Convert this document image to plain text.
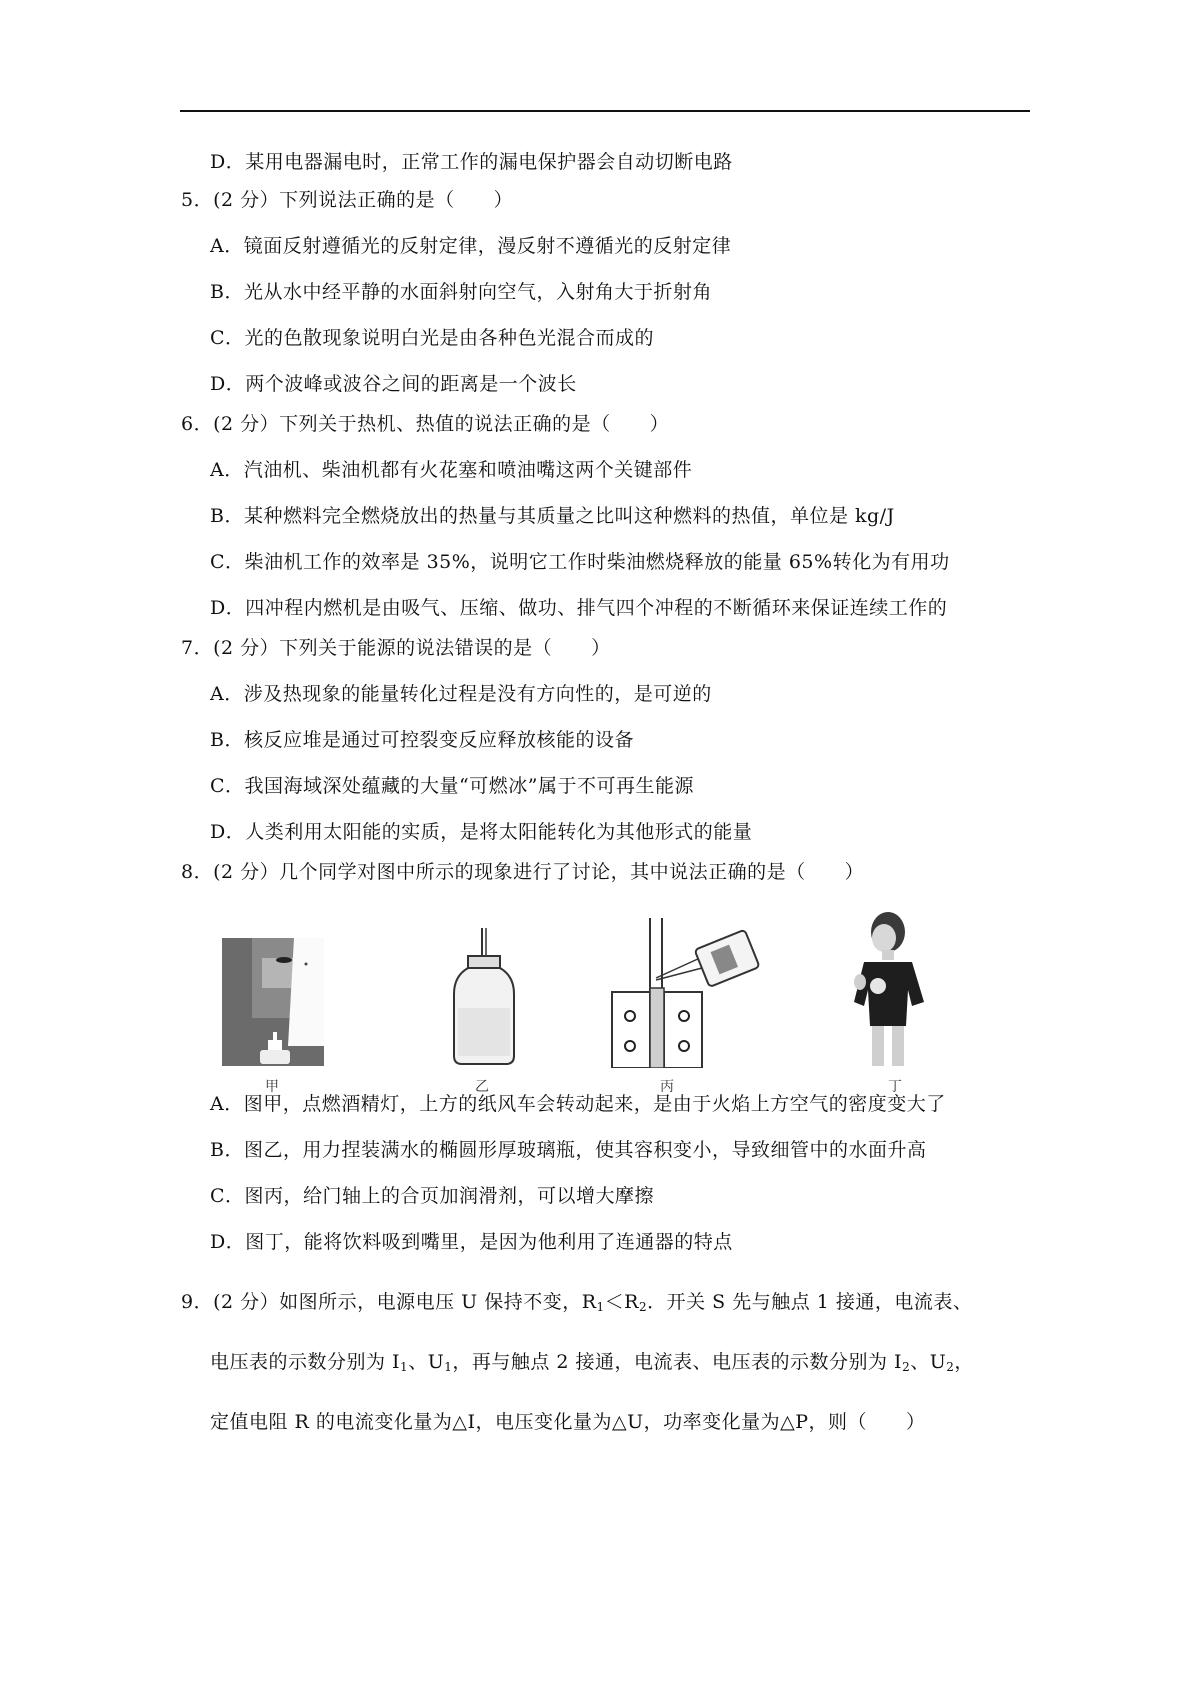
D．某用电器漏电时，正常工作的漏电保护器会自动切断电路
5．(2 分）下列说法正确的是（　　）
A．镜面反射遵循光的反射定律，漫反射不遵循光的反射定律
B．光从水中经平静的水面斜射向空气，入射角大于折射角
C．光的色散现象说明白光是由各种色光混合而成的
D．两个波峰或波谷之间的距离是一个波长
6．(2 分）下列关于热机、热值的说法正确的是（　　）
A．汽油机、柴油机都有火花塞和喷油嘴这两个关键部件
B．某种燃料完全燃烧放出的热量与其质量之比叫这种燃料的热值，单位是 kg/J
C．柴油机工作的效率是 35%，说明它工作时柴油燃烧释放的能量 65%转化为有用功
D．四冲程内燃机是由吸气、压缩、做功、排气四个冲程的不断循环来保证连续工作的
7．(2 分）下列关于能源的说法错误的是（　　）
A．涉及热现象的能量转化过程是没有方向性的，是可逆的
B．核反应堆是通过可控裂变反应释放核能的设备
C．我国海域深处蕴藏的大量“可燃冰”属于不可再生能源
D．人类利用太阳能的实质，是将太阳能转化为其他形式的能量
8．(2 分）几个同学对图中所示的现象进行了讨论，其中说法正确的是（　　）
甲	乙	丙	丁
A．图甲，点燃酒精灯，上方的纸风车会转动起来，是由于火焰上方空气的密度变大了
B．图乙，用力捏装满水的椭圆形厚玻璃瓶，使其容积变小，导致细管中的水面升高
C．图丙，给门轴上的合页加润滑剂，可以增大摩擦
D．图丁，能将饮料吸到嘴里，是因为他利用了连通器的特点
9．(2 分）如图所示，电源电压 U 保持不变，$R_1<R_2$．开关 S 先与触点 1 接通，电流表、
电压表的示数分别为 $I_1$、$U_1$，再与触点 2 接通，电流表、电压表的示数分别为 $I_2$、$U_2$，
定值电阻 R 的电流变化量为△I，电压变化量为△U，功率变化量为△P，则（　　）
